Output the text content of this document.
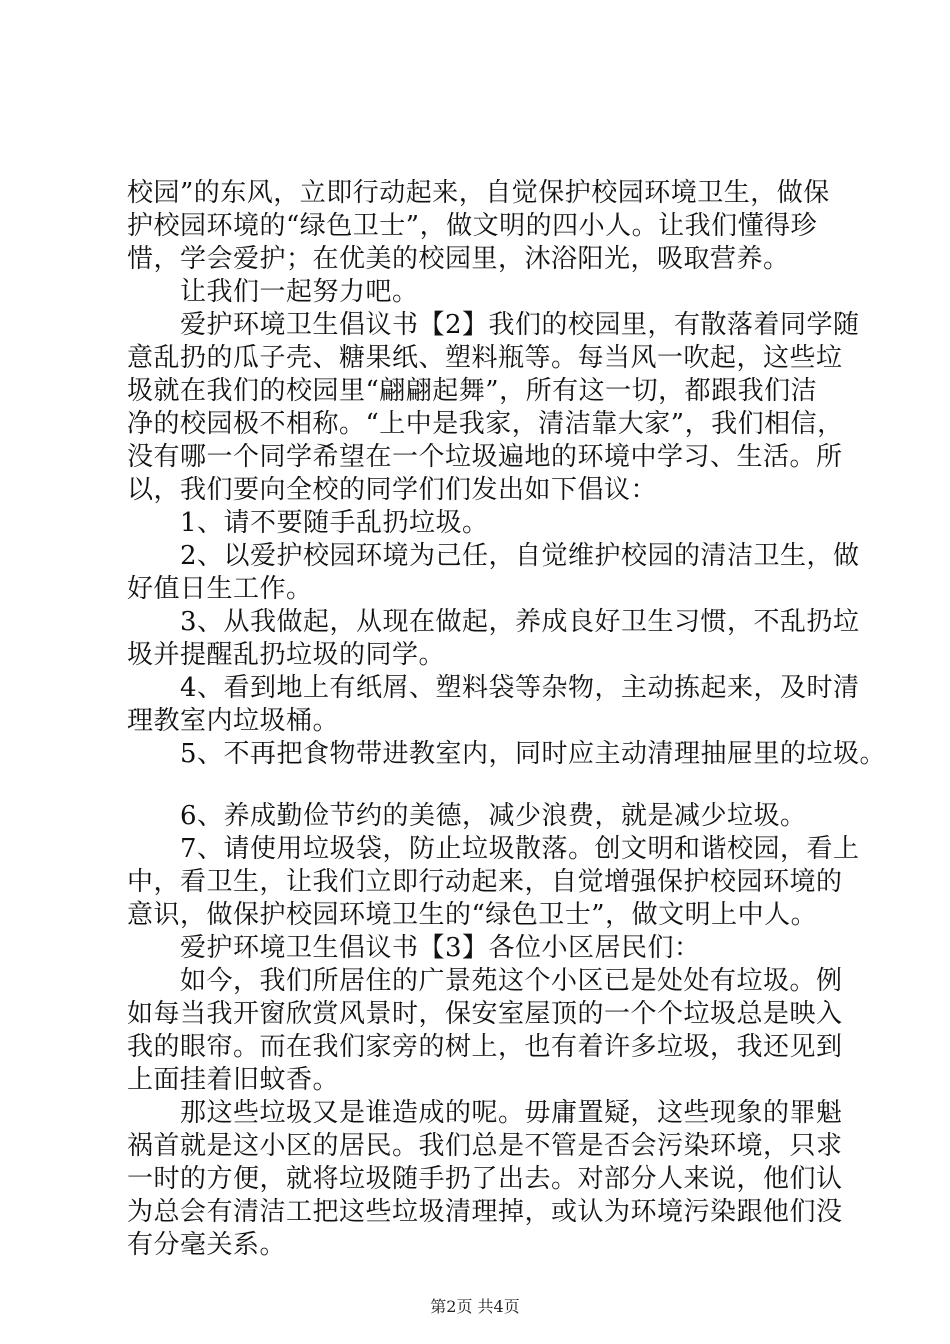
校园”的东风，立即行动起来，自觉保护校园环境卫生，做保
护校园环境的“绿色卫士”，做文明的四小人。让我们懂得珍
惜，学会爱护；在优美的校园里，沐浴阳光，吸取营养。
让我们一起努力吧。
爱护环境卫生倡议书【2】我们的校园里，有散落着同学随
意乱扔的瓜子壳、糖果纸、塑料瓶等。每当风一吹起，这些垃
圾就在我们的校园里“翩翩起舞”，所有这一切，都跟我们洁
净的校园极不相称。“上中是我家，清洁靠大家”，我们相信，
没有哪一个同学希望在一个垃圾遍地的环境中学习、生活。所
以，我们要向全校的同学们们发出如下倡议：
1、请不要随手乱扔垃圾。
2、以爱护校园环境为己任，自觉维护校园的清洁卫生，做
好值日生工作。
3、从我做起，从现在做起，养成良好卫生习惯，不乱扔垃
圾并提醒乱扔垃圾的同学。
4、看到地上有纸屑、塑料袋等杂物，主动拣起来，及时清
理教室内垃圾桶。
5、不再把食物带进教室内，同时应主动清理抽屉里的垃圾。
6、养成勤俭节约的美德，减少浪费，就是减少垃圾。
7、请使用垃圾袋，防止垃圾散落。创文明和谐校园，看上
中，看卫生，让我们立即行动起来，自觉增强保护校园环境的
意识，做保护校园环境卫生的“绿色卫士”，做文明上中人。
爱护环境卫生倡议书【3】各位小区居民们：
如今，我们所居住的广景苑这个小区已是处处有垃圾。例
如每当我开窗欣赏风景时，保安室屋顶的一个个垃圾总是映入
我的眼帘。而在我们家旁的树上，也有着许多垃圾，我还见到
上面挂着旧蚊香。
那这些垃圾又是谁造成的呢。毋庸置疑，这些现象的罪魁
祸首就是这小区的居民。我们总是不管是否会污染环境，只求
一时的方便，就将垃圾随手扔了出去。对部分人来说，他们认
为总会有清洁工把这些垃圾清理掉，或认为环境污染跟他们没
有分毫关系。
第2页 共4页
